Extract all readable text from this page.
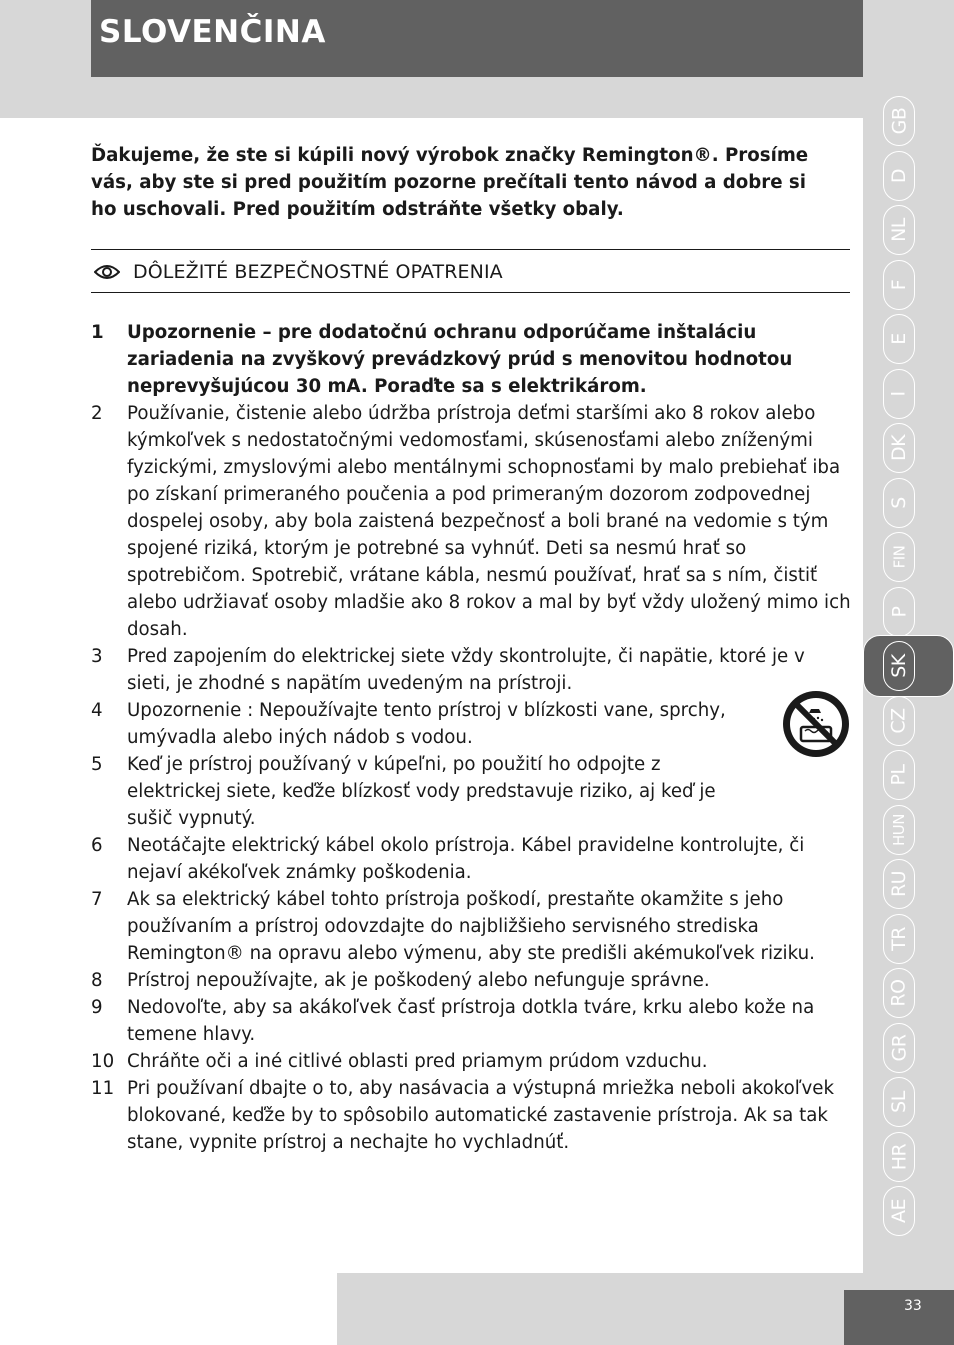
SLOVENČINA
Ďakujeme, že ste si kúpili nový výrobok značky Remington®. Prosíme vás, aby ste si pred použitím pozorne prečítali tento návod a dobre si ho uschovali. Pred použitím odstráňte všetky obaly.
DÔLEŽITÉ BEZPEČNOSTNÉ OPATRENIA
1 Upozornenie – pre dodatočnú ochranu odporúčame inštaláciu zariadenia na zvyškový prevádzkový prúd s menovitou hodnotou neprevyšujúcou 30 mA. Poraďte sa s elektrikárom.
2 Používanie, čistenie alebo údržba prístroja deťmi staršími ako 8 rokov alebo kýmkoľvek s nedostatočnými vedomosťami, skúsenosťami alebo zníženými fyzickými, zmyslovými alebo mentálnymi schopnosťami by malo prebiehať iba po získaní primeraného poučenia a pod primeraným dozorom zodpovednej dospelej osoby, aby bola zaistená bezpečnosť a boli brané na vedomie s tým spojené riziká, ktorým je potrebné sa vyhnúť. Deti sa nesmú hrať so spotrebičom. Spotrebič, vrátane kábla, nesmú používať, hrať sa s ním, čistiť alebo udržiavať osoby mladšie ako 8 rokov a mal by byť vždy uložený mimo ich dosah.
3 Pred zapojením do elektrickej siete vždy skontrolujte, či napätie, ktoré je v sieti, je zhodné s napätím uvedeným na prístroji.
4 Upozornenie : Nepoužívajte tento prístroj v blízkosti vane, sprchy, umývadla alebo iných nádob s vodou.
5 Keď je prístroj používaný v kúpeľni, po použití ho odpojte z elektrickej siete, keďže blízkosť vody predstavuje riziko, aj keď je sušič vypnutý.
6 Neotáčajte elektrický kábel okolo prístroja. Kábel pravidelne kontrolujte, či nejaví akékoľvek známky poškodenia.
7 Ak sa elektrický kábel tohto prístroja poškodí, prestaňte okamžite s jeho používaním a prístroj odovzdajte do najbližšieho servisného strediska Remington® na opravu alebo výmenu, aby ste predišli akémukoľvek riziku.
8 Prístroj nepoužívajte, ak je poškodený alebo nefunguje správne.
9 Nedovoľte, aby sa akákoľvek časť prístroja dotkla tváre, krku alebo kože na temene hlavy.
10 Chráňte oči a iné citlivé oblasti pred priamym prúdom vzduchu.
11 Pri používaní dbajte o to, aby nasávacia a výstupná mriežka neboli akokoľvek blokované, keďže by to spôsobilo automatické zastavenie prístroja. Ak sa tak stane, vypnite prístroj a nechajte ho vychladnúť.
GB
D
NL
F
E
I
DK
S
FIN
P
SK
CZ
PL
HUN
RU
TR
RO
GR
SL
HR
AE
33
